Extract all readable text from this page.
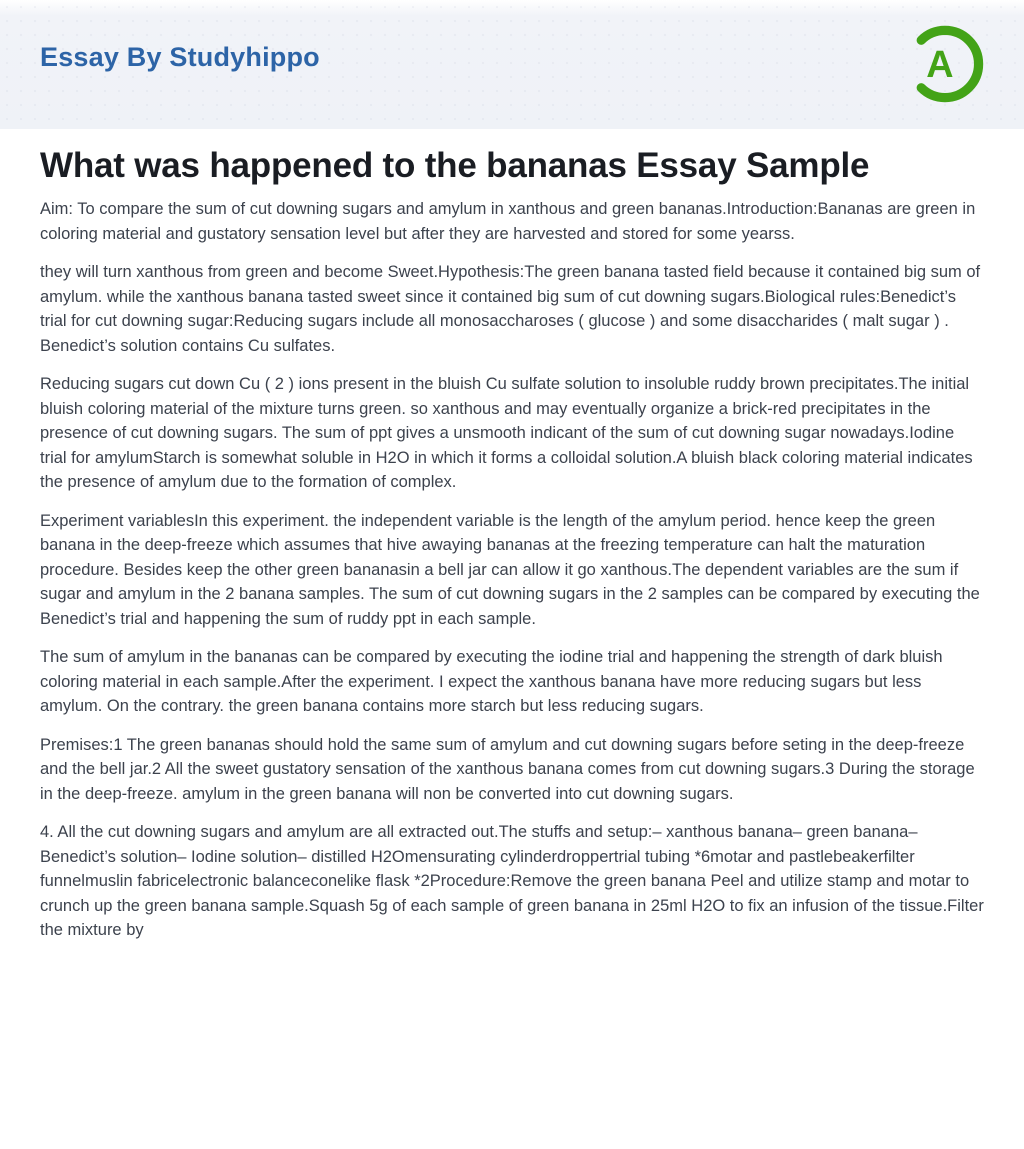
Essay By Studyhippo	A
What was happened to the bananas Essay Sample

Aim: To compare the sum of cut downing sugars and amylum in xanthous and green bananas.Introduction:Bananas are green in coloring material and gustatory sensation level but after they are harvested and stored for some yearss.

they will turn xanthous from green and become Sweet.Hypothesis:The green banana tasted field because it contained big sum of amylum. while the xanthous banana tasted sweet since it contained big sum of cut downing sugars.Biological rules:Benedict’s trial for cut downing sugar:Reducing sugars include all monosaccharoses ( glucose ) and some disaccharides ( malt sugar ) . Benedict’s solution contains Cu sulfates.

Reducing sugars cut down Cu ( 2 ) ions present in the bluish Cu sulfate solution to insoluble ruddy brown precipitates.The initial bluish coloring material of the mixture turns green. so xanthous and may eventually organize a brick-red precipitates in the presence of cut downing sugars. The sum of ppt gives a unsmooth indicant of the sum of cut downing sugar nowadays.Iodine trial for amylumStarch is somewhat soluble in H2O in which it forms a colloidal solution.A bluish black coloring material indicates the presence of amylum due to the formation of complex.

Experiment variablesIn this experiment. the independent variable is the length of the amylum period. hence keep the green banana in the deep-freeze which assumes that hive awaying bananas at the freezing temperature can halt the maturation procedure. Besides keep the other green bananasin a bell jar can allow it go xanthous.The dependent variables are the sum if sugar and amylum in the 2 banana samples. The sum of cut downing sugars in the 2 samples can be compared by executing the Benedict’s trial and happening the sum of ruddy ppt in each sample.

The sum of amylum in the bananas can be compared by executing the iodine trial and happening the strength of dark bluish coloring material in each sample.After the experiment. I expect the xanthous banana have more reducing sugars but less amylum. On the contrary. the green banana contains more starch but less reducing sugars.

Premises:1 The green bananas should hold the same sum of amylum and cut downing sugars before seting in the deep-freeze and the bell jar.2 All the sweet gustatory sensation of the xanthous banana comes from cut downing sugars.3 During the storage in the deep-freeze. amylum in the green banana will non be converted into cut downing sugars.

4. All the cut downing sugars and amylum are all extracted out.The stuffs and setup:– xanthous banana– green banana– Benedict’s solution– Iodine solution– distilled H2Omensurating cylinderdroppertrial tubing *6motar and pastlebeakerfilter funnelmuslin fabricelectronic balanceconelike flask *2Procedure:Remove the green banana Peel and utilize stamp and motar to crunch up the green banana sample.Squash 5g of each sample of green banana in 25ml H2O to fix an infusion of the tissue.Filter the mixture by
